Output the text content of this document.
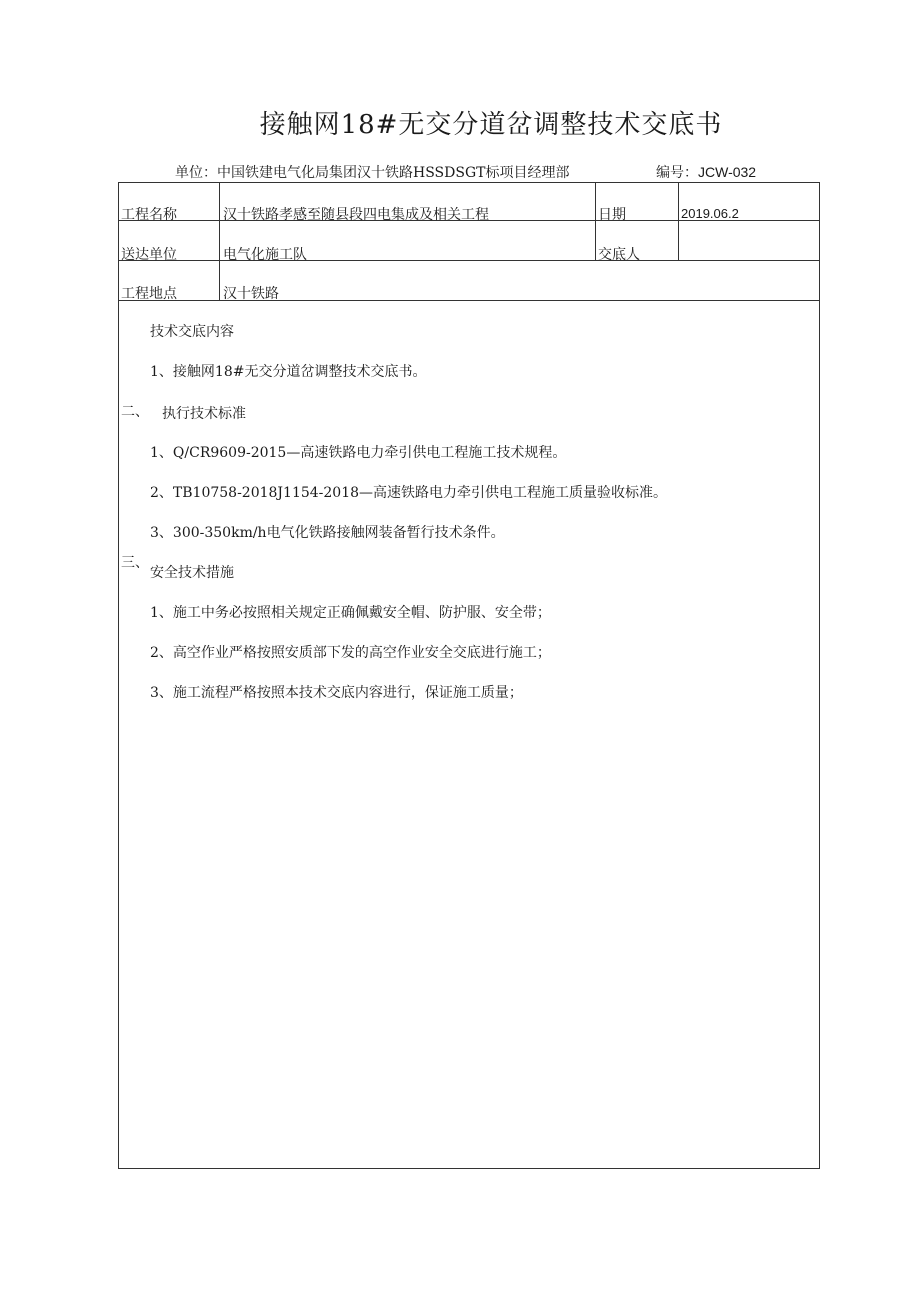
接触网18#无交分道岔调整技术交底书
单位：中国铁建电气化局集团汉十铁路HSSDSGT标项目经理部	编号：JCW-032
工程名称	汉十铁路孝感至随县段四电集成及相关工程	日期	2019.06.2
送达单位	电气化施工队	交底人
工程地点	汉十铁路
技术交底内容
1、接触网18#无交分道岔调整技术交底书。
二、 执行技术标准
1、Q/CR9609-2015—高速铁路电力牵引供电工程施工技术规程。
2、TB10758-2018J1154-2018—高速铁路电力牵引供电工程施工质量验收标准。
3、300-350km/h电气化铁路接触网装备暂行技术条件。
三、
安全技术措施
1、施工中务必按照相关规定正确佩戴安全帽、防护服、安全带；
2、高空作业严格按照安质部下发的高空作业安全交底进行施工；
3、施工流程严格按照本技术交底内容进行，保证施工质量；
